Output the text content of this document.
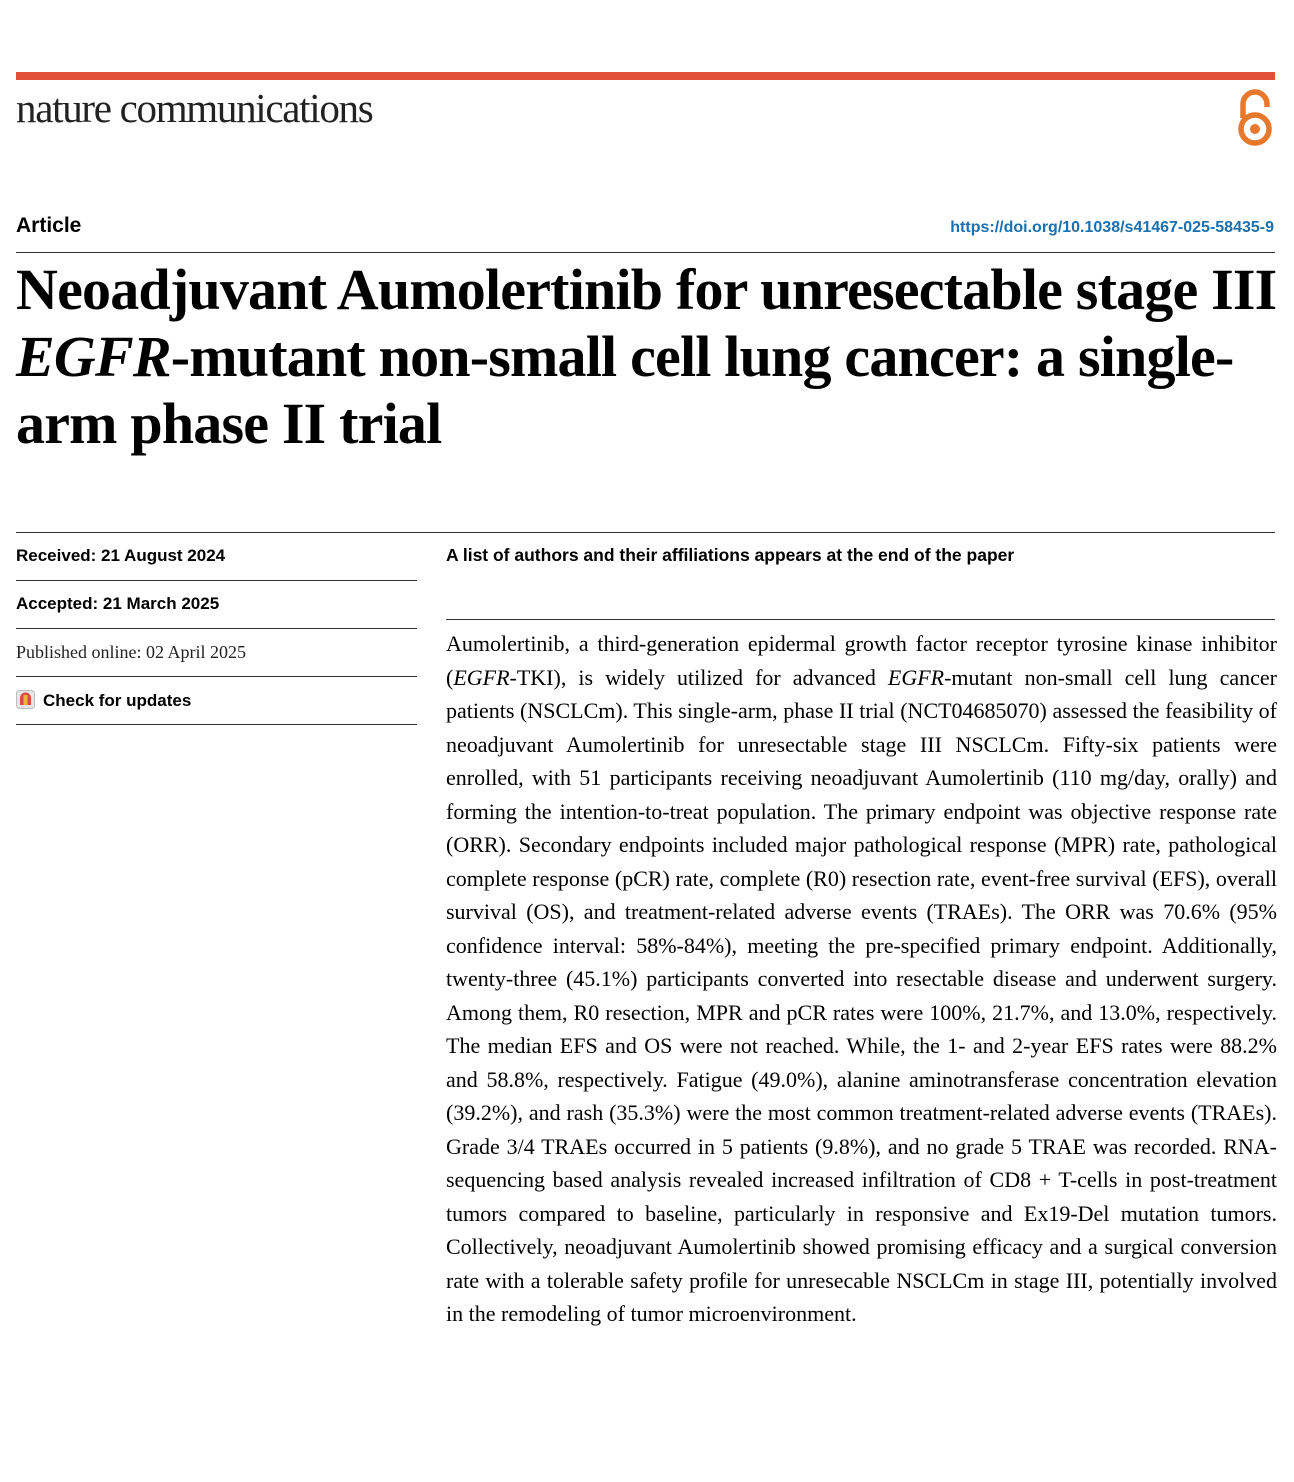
nature communications
Article	https://doi.org/10.1038/s41467-025-58435-9
Neoadjuvant Aumolertinib for unresectable stage III EGFR-mutant non-small cell lung cancer: a single-arm phase II trial
Received: 21 August 2024
Accepted: 21 March 2025
Published online: 02 April 2025
Check for updates
A list of authors and their affiliations appears at the end of the paper

Aumolertinib, a third-generation epidermal growth factor receptor tyrosine kinase inhibitor (EGFR-TKI), is widely utilized for advanced EGFR-mutant non-small cell lung cancer patients (NSCLCm). This single-arm, phase II trial (NCT04685070) assessed the feasibility of neoadjuvant Aumolertinib for unresectable stage III NSCLCm. Fifty-six patients were enrolled, with 51 participants receiving neoadjuvant Aumolertinib (110 mg/day, orally) and forming the intention-to-treat population. The primary endpoint was objective response rate (ORR). Secondary endpoints included major pathological response (MPR) rate, pathological complete response (pCR) rate, complete (R0) resection rate, event-free survival (EFS), overall survival (OS), and treatment-related adverse events (TRAEs). The ORR was 70.6% (95% confidence interval: 58%-84%), meeting the pre-specified primary endpoint. Additionally, twenty-three (45.1%) participants converted into resectable disease and underwent surgery. Among them, R0 resection, MPR and pCR rates were 100%, 21.7%, and 13.0%, respectively. The median EFS and OS were not reached. While, the 1- and 2-year EFS rates were 88.2% and 58.8%, respectively. Fatigue (49.0%), alanine aminotransferase concentration elevation (39.2%), and rash (35.3%) were the most common treatment-related adverse events (TRAEs). Grade 3/4 TRAEs occurred in 5 patients (9.8%), and no grade 5 TRAE was recorded. RNA-sequencing based analysis revealed increased infiltration of CD8 + T-cells in post-treatment tumors compared to baseline, particularly in responsive and Ex19-Del mutation tumors. Collectively, neoadjuvant Aumolertinib showed promising efficacy and a surgical conversion rate with a tolerable safety profile for unresecable NSCLCm in stage III, potentially involved in the remodeling of tumor microenvironment.
